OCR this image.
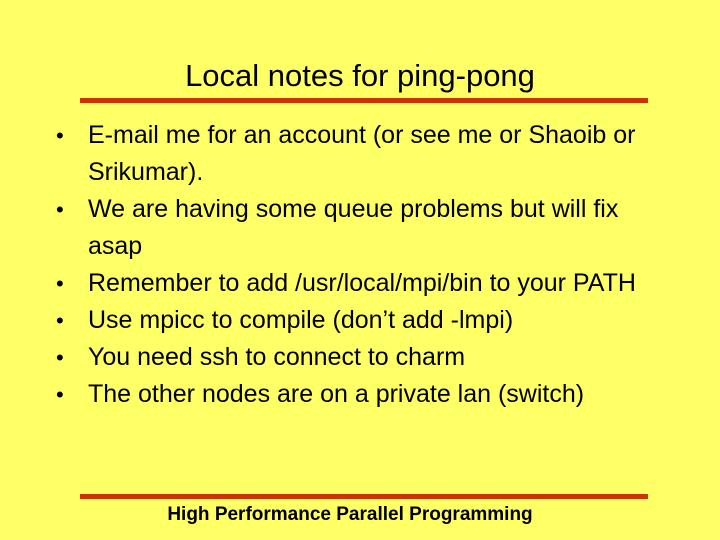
Local notes for ping-pong
• E-mail me for an account (or see me or Shaoib or Srikumar).
• We are having some queue problems but will fix asap
• Remember to add /usr/local/mpi/bin to your PATH
• Use mpicc to compile (don’t add -lmpi)
• You need ssh to connect to charm
• The other nodes are on a private lan (switch)
High Performance Parallel Programming
